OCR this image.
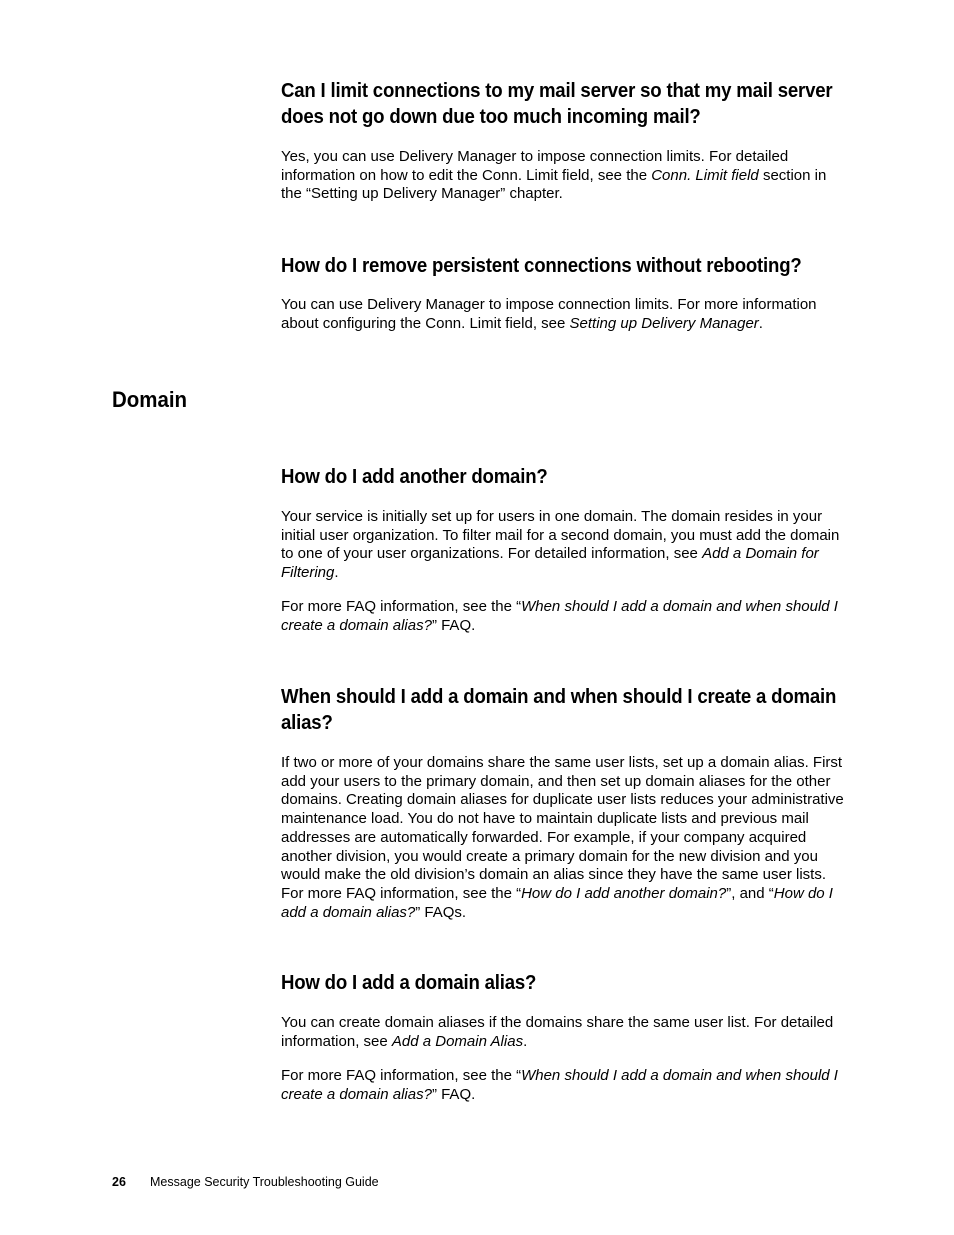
Can I limit connections to my mail server so that my mail server does not go down due too much incoming mail?

Yes, you can use Delivery Manager to impose connection limits. For detailed information on how to edit the Conn. Limit field, see the Conn. Limit field section in the “Setting up Delivery Manager” chapter.

How do I remove persistent connections without rebooting?

You can use Delivery Manager to impose connection limits. For more information about configuring the Conn. Limit field, see Setting up Delivery Manager.

Domain
How do I add another domain?

Your service is initially set up for users in one domain. The domain resides in your initial user organization. To filter mail for a second domain, you must add the domain to one of your user organizations. For detailed information, see Add a Domain for Filtering.

For more FAQ information, see the “When should I add a domain and when should I create a domain alias?” FAQ.

When should I add a domain and when should I create a domain alias?

If two or more of your domains share the same user lists, set up a domain alias. First add your users to the primary domain, and then set up domain aliases for the other domains. Creating domain aliases for duplicate user lists reduces your administrative maintenance load. You do not have to maintain duplicate lists and previous mail addresses are automatically forwarded. For example, if your company acquired another division, you would create a primary domain for the new division and you would make the old division’s domain an alias since they have the same user lists. For more FAQ information, see the “How do I add another domain?”, and “How do I add a domain alias?” FAQs.

How do I add a domain alias?

You can create domain aliases if the domains share the same user list. For detailed information, see Add a Domain Alias.

For more FAQ information, see the “When should I add a domain and when should I create a domain alias?” FAQ.

26 Message Security Troubleshooting Guide
